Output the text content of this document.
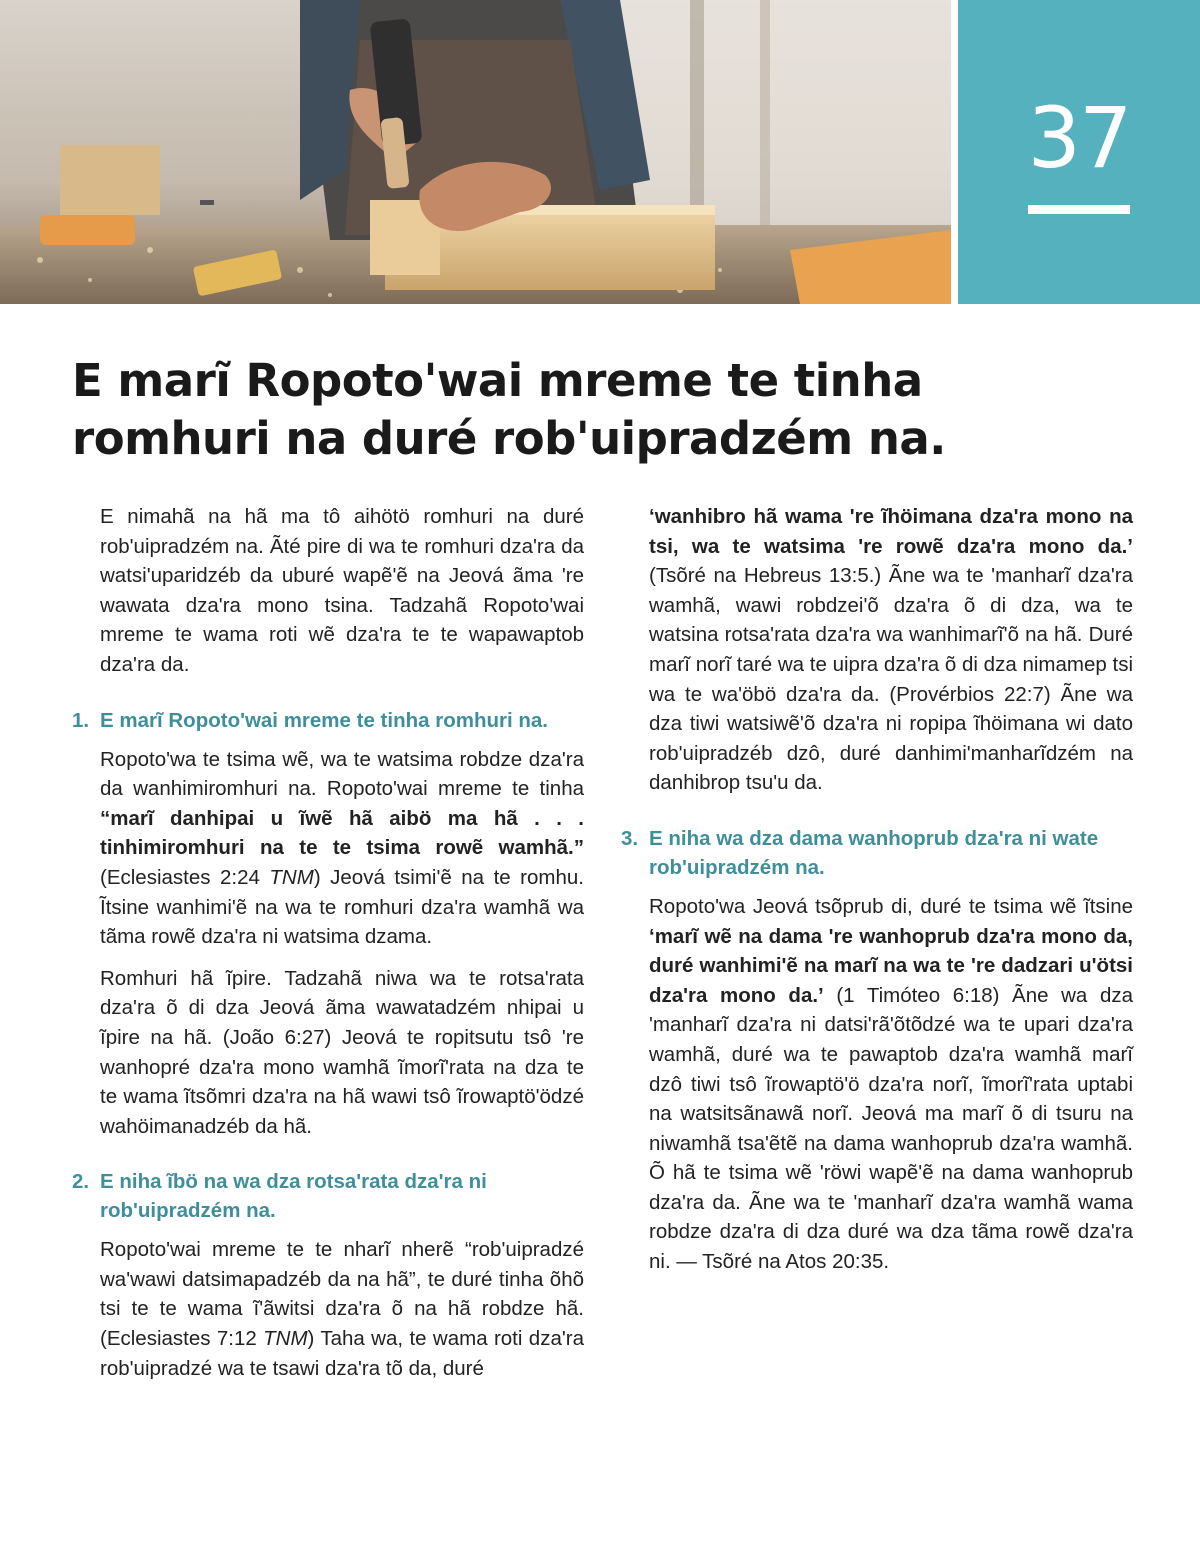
37
E marĩ Ropoto'wai mreme te tinha romhuri na duré rob'uipradzém na.

E nimahã na hã ma tô aihötö romhuri na duré rob'uipradzém na. Ãté pire di wa te romhuri dza'ra da watsi'uparidzéb da uburé wapẽ'ẽ na Jeová ãma 're wawata dza'ra mono tsina. Tadzahã Ropoto'wai mreme te wama roti wẽ dza'ra te te wapawaptob dza'ra da.

1. E marĩ Ropoto'wai mreme te tinha romhuri na.

Ropoto'wa te tsima wẽ, wa te watsima robdze dza'ra da wanhimiromhuri na. Ropoto'wai mreme te tinha “marĩ danhipai u ĩwẽ hã aibö ma hã . . . tinhimiromhuri na te te tsima rowẽ wamhã.” (Eclesiastes 2:24 TNM) Jeová tsimi'ẽ na te romhu. Ĩtsine wanhimi'ẽ na wa te romhuri dza'ra wamhã wa tãma rowẽ dza'ra ni watsima dzama.

Romhuri hã ĩpire. Tadzahã niwa wa te rotsa'rata dza'ra õ di dza Jeová ãma wawatadzém nhipai u ĩpire na hã. (João 6:27) Jeová te ropitsutu tsô 're wanhopré dza'ra mono wamhã ĩmorĩ'rata na dza te te wama ĩtsõmri dza'ra na hã wawi tsô ĩrowaptö'ödzé wahöimanadzéb da hã.

2. E niha ĩbö na wa dza rotsa'rata dza'ra ni rob'uipradzém na.

Ropoto'wai mreme te te nharĩ nherẽ “rob'uipradzé wa'wawi datsimapadzéb da na hã”, te duré tinha õhõ tsi te te wama ĩ'ãwitsi dza'ra õ na hã robdze hã. (Eclesiastes 7:12 TNM) Taha wa, te wama roti dza'ra rob'uipradzé wa te tsawi dza'ra tõ da, duré

‘wanhibro hã wama 're ĩhöimana dza'ra mono na tsi, wa te watsima 're rowẽ dza'ra mono da.’ (Tsõré na Hebreus 13:5.) Ãne wa te 'manharĩ dza'ra wamhã, wawi robdzei'õ dza'ra õ di dza, wa te watsina rotsa'rata dza'ra wa wanhimarĩ'õ na hã. Duré marĩ norĩ taré wa te uipra dza'ra õ di dza nimamep tsi wa te wa'öbö dza'ra da. (Provérbios 22:7) Ãne wa dza tiwi watsiwẽ'õ dza'ra ni ropipa ĩhöimana wi dato rob'uipradzéb dzô, duré danhimi'manharĩdzém na danhibrop tsu'u da.

3. E niha wa dza dama wanhoprub dza'ra ni wate rob'uipradzém na.

Ropoto'wa Jeová tsõprub di, duré te tsima wẽ ĩtsine ‘marĩ wẽ na dama 're wanhoprub dza'ra mono da, duré wanhimi'ẽ na marĩ na wa te 're dadzari u'ötsi dza'ra mono da.’ (1 Timóteo 6:18) Ãne wa dza 'manharĩ dza'ra ni datsi'rã'õtõdzé wa te upari dza'ra wamhã, duré wa te pawaptob dza'ra wamhã marĩ dzô tiwi tsô ĩrowaptö'ö dza'ra norĩ, ĩmorĩ'rata uptabi na watsitsãnawã norĩ. Jeová ma marĩ õ di tsuru na niwamhã tsa'ẽtẽ na dama wanhoprub dza'ra wamhã. Õ hã te tsima wẽ 'röwi wapẽ'ẽ na dama wanhoprub dza'ra da. Ãne wa te 'manharĩ dza'ra wamhã wama robdze dza'ra di dza duré wa dza tãma rowẽ dza'ra ni. — Tsõré na Atos 20:35.
